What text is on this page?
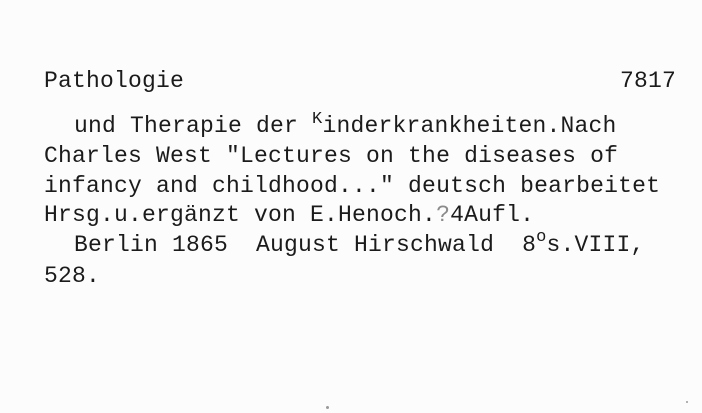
Pathologie	7817
und Therapie der $^K$inderkrankheiten.Nach
Charles West "Lectures on the diseases of
infancy and childhood..." deutsch bearbeitet
Hrsg.u.ergänzt von E.Henoch.?4Aufl.
Berlin 1865  August Hirschwald  8$^o$s.VIII,
528.
